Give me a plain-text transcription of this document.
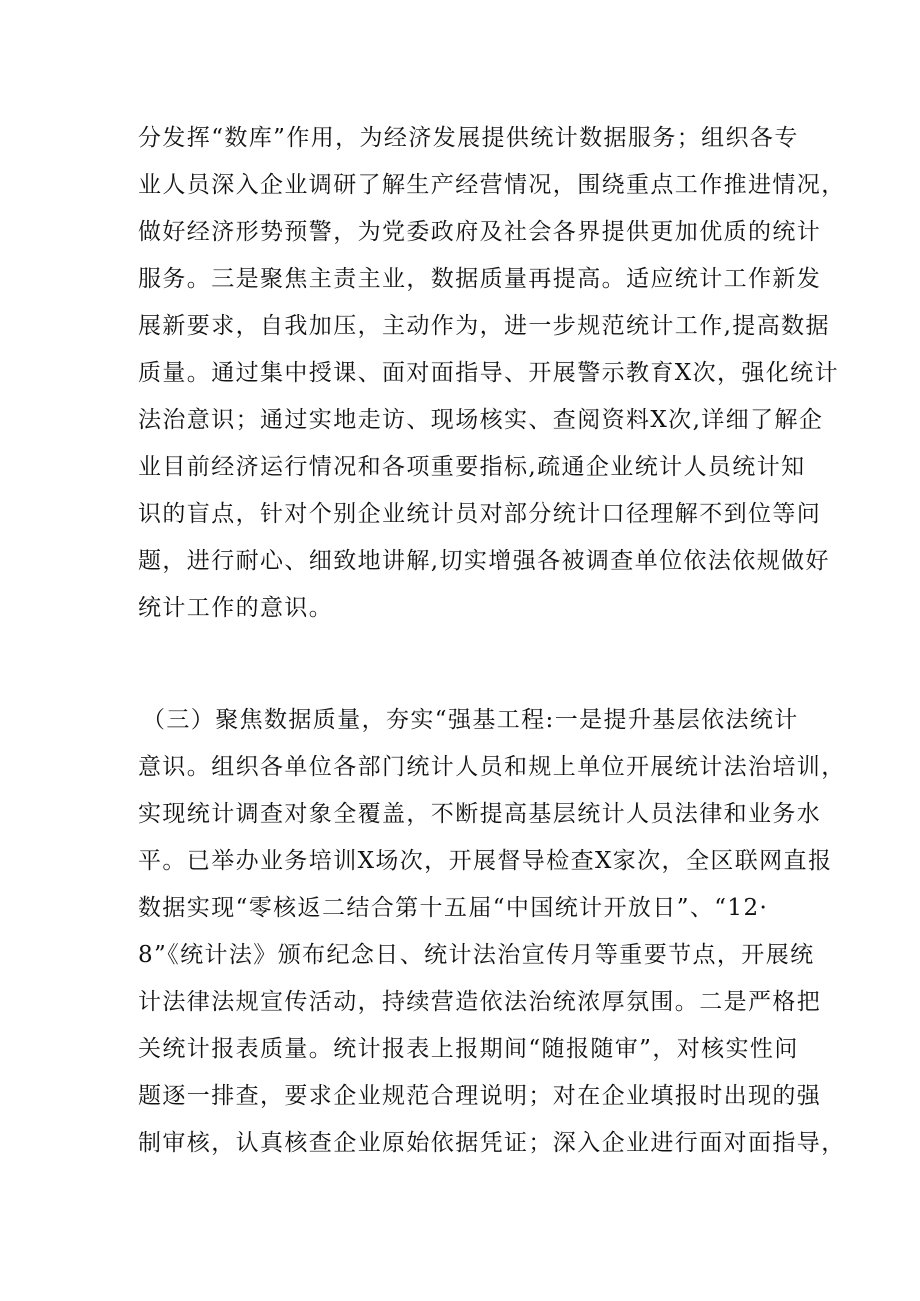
分发挥“数库”作用，为经济发展提供统计数据服务；组织各专
业人员深入企业调研了解生产经营情况，围绕重点工作推进情况，
做好经济形势预警，为党委政府及社会各界提供更加优质的统计
服务。三是聚焦主责主业，数据质量再提高。适应统计工作新发
展新要求，自我加压，主动作为，进一步规范统计工作,提高数据
质量。通过集中授课、面对面指导、开展警示教育X次，强化统计
法治意识；通过实地走访、现场核实、查阅资料X次,详细了解企
业目前经济运行情况和各项重要指标,疏通企业统计人员统计知
识的盲点，针对个别企业统计员对部分统计口径理解不到位等问
题，进行耐心、细致地讲解,切实增强各被调查单位依法依规做好
统计工作的意识。
（三）聚焦数据质量，夯实“强基工程:一是提升基层依法统计
意识。组织各单位各部门统计人员和规上单位开展统计法治培训，
实现统计调查对象全覆盖，不断提高基层统计人员法律和业务水
平。已举办业务培训X场次，开展督导检查X家次，全区联网直报
数据实现“零核返二结合第十五届“中国统计开放日”、“12·
8”《统计法》颁布纪念日、统计法治宣传月等重要节点，开展统
计法律法规宣传活动，持续营造依法治统浓厚氛围。二是严格把
关统计报表质量。统计报表上报期间“随报随审”，对核实性问
题逐一排查，要求企业规范合理说明；对在企业填报时出现的强
制审核，认真核查企业原始依据凭证；深入企业进行面对面指导，
